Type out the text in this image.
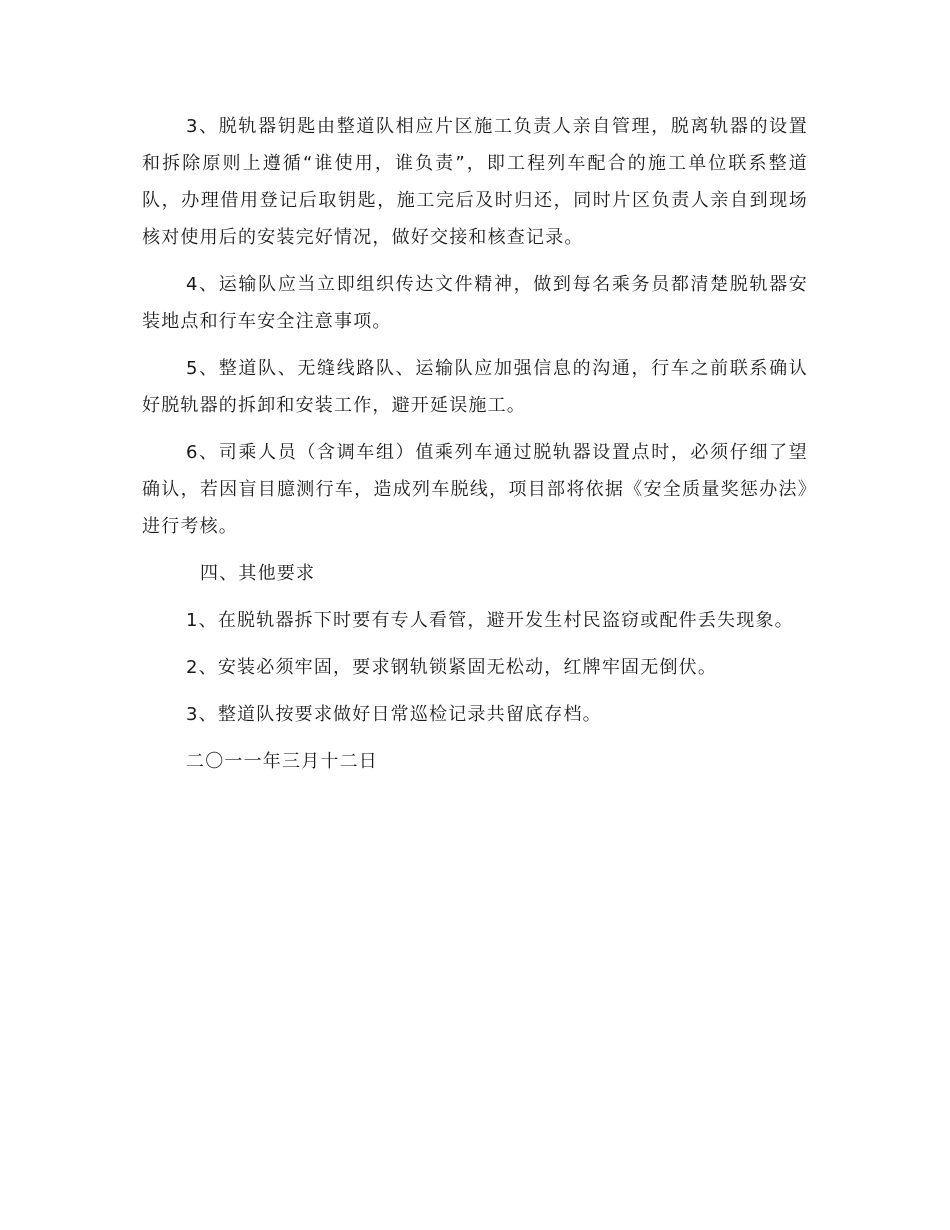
3、脱轨器钥匙由整道队相应片区施工负责人亲自管理，脱离轨器的设置和拆除原则上遵循“谁使用，谁负责”，即工程列车配合的施工单位联系整道队，办理借用登记后取钥匙，施工完后及时归还，同时片区负责人亲自到现场核对使用后的安装完好情况，做好交接和核查记录。

4、运输队应当立即组织传达文件精神，做到每名乘务员都清楚脱轨器安装地点和行车安全注意事项。

5、整道队、无缝线路队、运输队应加强信息的沟通，行车之前联系确认好脱轨器的拆卸和安装工作，避开延误施工。

6、司乘人员（含调车组）值乘列车通过脱轨器设置点时，必须仔细了望确认，若因盲目臆测行车，造成列车脱线，项目部将依据《安全质量奖惩办法》进行考核。

四、其他要求

1、在脱轨器拆下时要有专人看管，避开发生村民盗窃或配件丢失现象。

2、安装必须牢固，要求钢轨锁紧固无松动，红牌牢固无倒伏。

3、整道队按要求做好日常巡检记录共留底存档。

二〇一一年三月十二日
